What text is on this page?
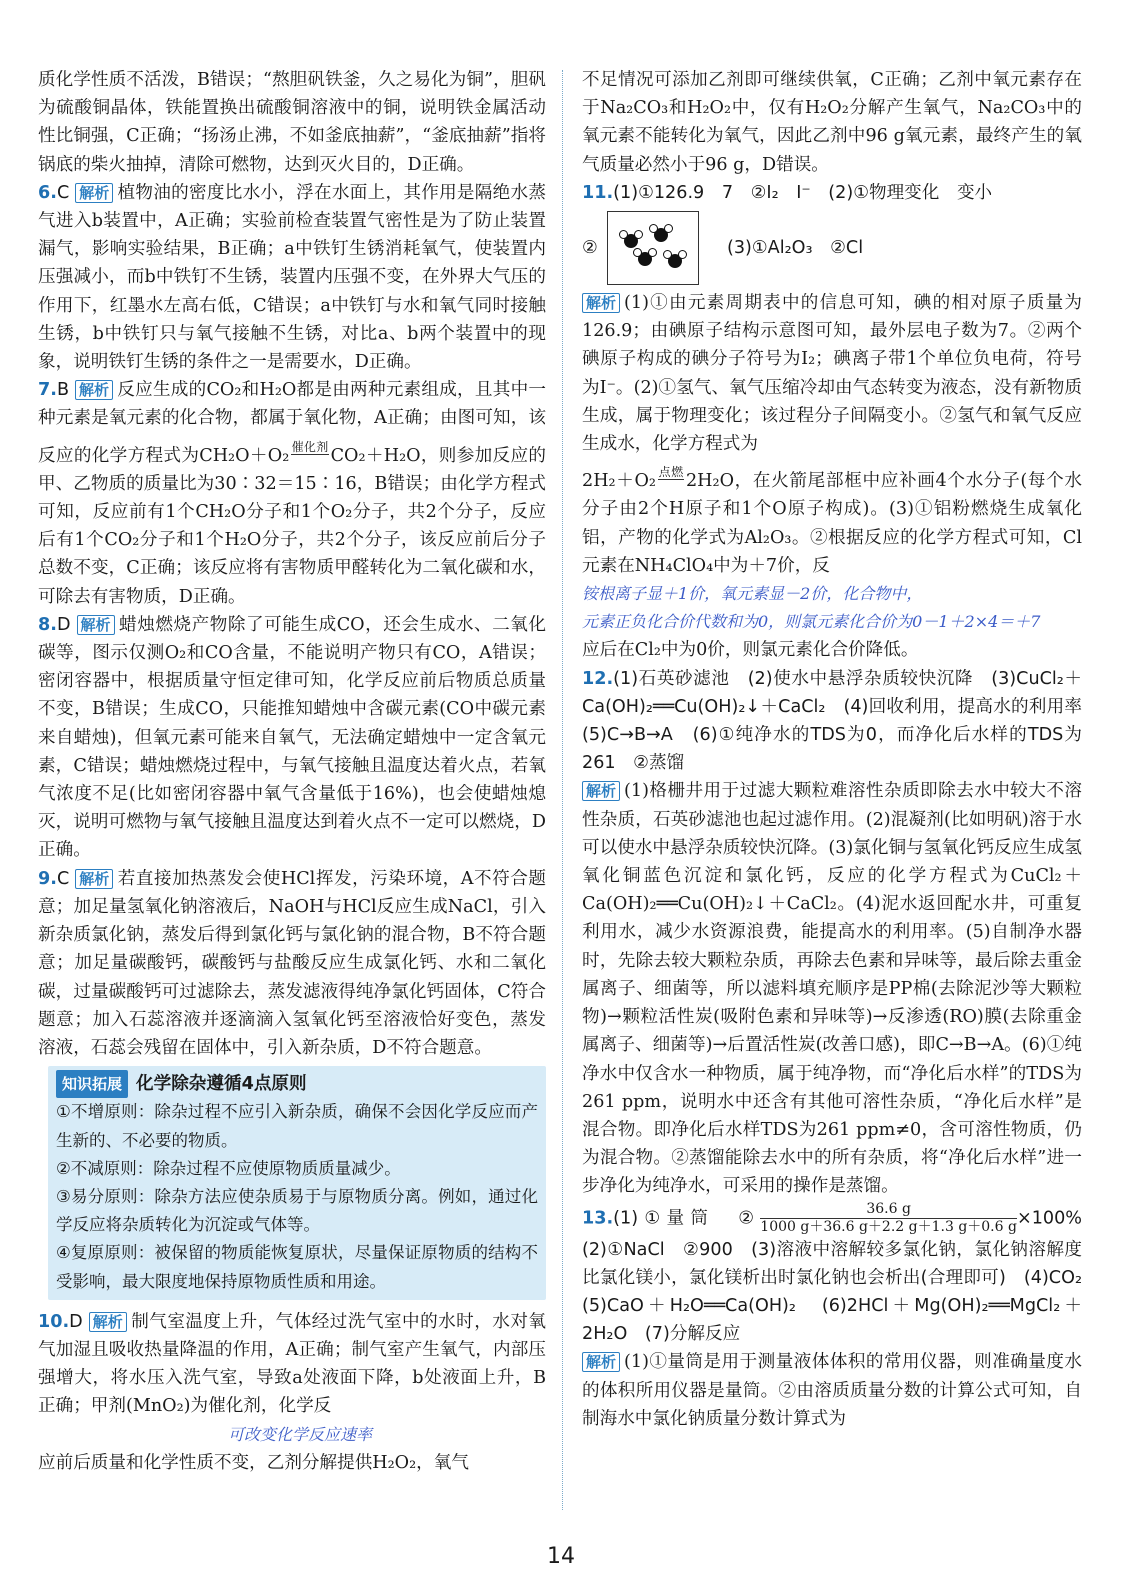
质化学性质不活泼，B错误；“熬胆矾铁釜，久之易化为铜”，胆矾为硫酸铜晶体，铁能置换出硫酸铜溶液中的铜，说明铁金属活动性比铜强，C正确；“扬汤止沸，不如釜底抽薪”，“釜底抽薪”指将锅底的柴火抽掉，清除可燃物，达到灭火目的，D正确。

6.C 解析 植物油的密度比水小，浮在水面上，其作用是隔绝水蒸气进入b装置中，A正确；实验前检查装置气密性是为了防止装置漏气，影响实验结果，B正确；a中铁钉生锈消耗氧气，使装置内压强减小，而b中铁钉不生锈，装置内压强不变，在外界大气压的作用下，红墨水左高右低，C错误；a中铁钉与水和氧气同时接触生锈，b中铁钉只与氧气接触不生锈，对比a、b两个装置中的现象，说明铁钉生锈的条件之一是需要水，D正确。

7.B 解析 反应生成的CO₂和H₂O都是由两种元素组成，且其中一种元素是氧元素的化合物，都属于氧化物，A正确；由图可知，该反应的化学方程式为CH₂O＋O₂ $^{催化剂}$ CO₂＋H₂O，则参加反应的甲、乙物质的质量比为30∶32＝15∶16，B错误；由化学方程式可知，反应前有1个CH₂O分子和1个O₂分子，共2个分子，反应后有1个CO₂分子和1个H₂O分子，共2个分子，该反应前后分子总数不变，C正确；该反应将有害物质甲醛转化为二氧化碳和水，可除去有害物质，D正确。

8.D 解析 蜡烛燃烧产物除了可能生成CO，还会生成水、二氧化碳等，图示仅测O₂和CO含量，不能说明产物只有CO，A错误；密闭容器中，根据质量守恒定律可知，化学反应前后物质总质量不变，B错误；生成CO，只能推知蜡烛中含碳元素(CO中碳元素来自蜡烛)，但氧元素可能来自氧气，无法确定蜡烛中一定含氧元素，C错误；蜡烛燃烧过程中，与氧气接触且温度达着火点，若氧气浓度不足(比如密闭容器中氧气含量低于16%)，也会使蜡烛熄灭，说明可燃物与氧气接触且温度达到着火点不一定可以燃烧，D正确。

9.C 解析 若直接加热蒸发会使HCl挥发，污染环境，A不符合题意；加足量氢氧化钠溶液后，NaOH与HCl反应生成NaCl，引入新杂质氯化钠，蒸发后得到氯化钙与氯化钠的混合物，B不符合题意；加足量碳酸钙，碳酸钙与盐酸反应生成氯化钙、水和二氧化碳，过量碳酸钙可过滤除去，蒸发滤液得纯净氯化钙固体，C符合题意；加入石蕊溶液并逐滴滴入氢氧化钙至溶液恰好变色，蒸发溶液，石蕊会残留在固体中，引入新杂质，D不符合题意。

知识拓展 化学除杂遵循4点原则
①不增原则：除杂过程不应引入新杂质，确保不会因化学反应而产生新的、不必要的物质。
②不减原则：除杂过程不应使原物质质量减少。
③易分原则：除杂方法应使杂质易于与原物质分离。例如，通过化学反应将杂质转化为沉淀或气体等。
④复原原则：被保留的物质能恢复原状，尽量保证原物质的结构不受影响，最大限度地保持原物质性质和用途。

10.D 解析 制气室温度上升，气体经过洗气室中的水时，水对氧气加湿且吸收热量降温的作用，A正确；制气室产生氧气，内部压强增大，将水压入洗气室，导致a处液面下降，b处液面上升，B正确；甲剂(MnO₂)为催化剂，化学反

可改变化学反应速率

应前后质量和化学性质不变，乙剂分解提供H₂O₂，氧气

不足情况可添加乙剂即可继续供氧，C正确；乙剂中氧元素存在于Na₂CO₃和H₂O₂中，仅有H₂O₂分解产生氧气，Na₂CO₃中的氧元素不能转化为氧气，因此乙剂中96 g氧元素，最终产生的氧气质量必然小于96 g，D错误。

11.(1)①126.9　7　②I₂　I⁻　(2)①物理变化　变小

②	(3)①Al₂O₃　②Cl

解析 (1)①由元素周期表中的信息可知，碘的相对原子质量为126.9；由碘原子结构示意图可知，最外层电子数为7。②两个碘原子构成的碘分子符号为I₂；碘离子带1个单位负电荷，符号为I⁻。(2)①氢气、氧气压缩冷却由气态转变为液态，没有新物质生成，属于物理变化；该过程分子间隔变小。②氢气和氧气反应生成水，化学方程式为

2H₂＋O₂ $^{点燃}$ 2H₂O，在火箭尾部框中应补画4个水分子(每个水分子由2个H原子和1个O原子构成)。(3)①铝粉燃烧生成氧化铝，产物的化学式为Al₂O₃。②根据反应的化学方程式可知，Cl元素在NH₄ClO₄中为＋7价，反

铵根离子显＋1价，氧元素显－2价，化合物中，

元素正负化合价代数和为0，则氯元素化合价为0－1＋2×4＝＋7

应后在Cl₂中为0价，则氯元素化合价降低。

12.(1)石英砂滤池　(2)使水中悬浮杂质较快沉降　(3)CuCl₂＋Ca(OH)₂══Cu(OH)₂↓＋CaCl₂　(4)回收利用，提高水的利用率　(5)C→B→A　(6)①纯净水的TDS为0，而净化后水样的TDS为261　②蒸馏

解析 (1)格栅井用于过滤大颗粒难溶性杂质即除去水中较大不溶性杂质，石英砂滤池也起过滤作用。(2)混凝剂(比如明矾)溶于水可以使水中悬浮杂质较快沉降。(3)氯化铜与氢氧化钙反应生成氢氧化铜蓝色沉淀和氯化钙，反应的化学方程式为CuCl₂＋Ca(OH)₂══Cu(OH)₂↓＋CaCl₂。(4)泥水返回配水井，可重复利用水，减少水资源浪费，能提高水的利用率。(5)自制净水器时，先除去较大颗粒杂质，再除去色素和异味等，最后除去重金属离子、细菌等，所以滤料填充顺序是PP棉(去除泥沙等大颗粒物)→颗粒活性炭(吸附色素和异味等)→反渗透(RO)膜(去除重金属离子、细菌等)→后置活性炭(改善口感)，即C→B→A。(6)①纯净水中仅含水一种物质，属于纯净物，而“净化后水样”的TDS为261 ppm，说明水中还含有其他可溶性杂质，“净化后水样”是混合物。即净化后水样TDS为261 ppm≠0，含可溶性物质，仍为混合物。②蒸馏能除去水中的所有杂质，将“净化后水样”进一步净化为纯净水，可采用的操作是蒸馏。

13.(1)①量筒　② $\frac{36.6 g}{1000 g+36.6 g+2.2 g+1.3 g+0.6 g} \times 100\%$　(2)①NaCl　②900　(3)溶液中溶解较多氯化钠，氯化钠溶解度比氯化镁小，氯化镁析出时氯化钠也会析出(合理即可)　(4)CO₂　(5)CaO＋H₂O══Ca(OH)₂　(6)2HCl＋Mg(OH)₂══MgCl₂＋2H₂O　(7)分解反应

解析 (1)①量筒是用于测量液体体积的常用仪器，则准确量度水的体积所用仪器是量筒。②由溶质质量分数的计算公式可知，自制海水中氯化钠质量分数计算式为

14
